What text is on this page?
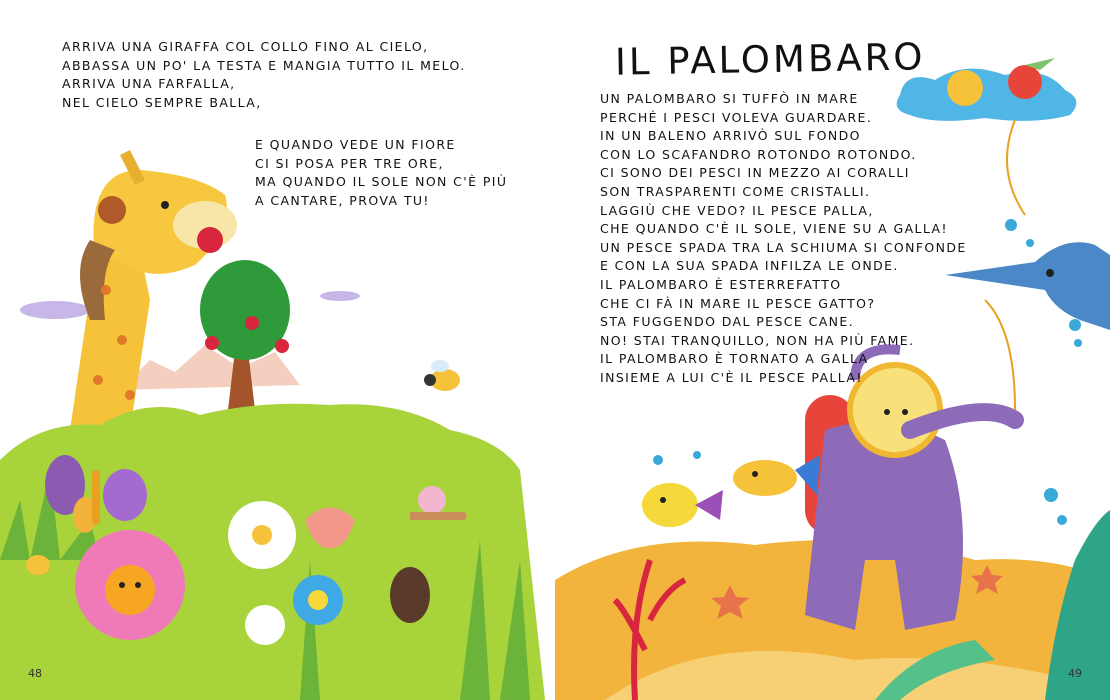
ARRIVA UNA GIRAFFA COL COLLO FINO AL CIELO,
ABBASSA UN PO' LA TESTA E MANGIA TUTTO IL MELO.
ARRIVA UNA FARFALLA,
NEL CIELO SEMPRE BALLA,
E QUANDO VEDE UN FIORE
CI SI POSA PER TRE ORE,
MA QUANDO IL SOLE NON C'È PIÙ
A CANTARE, PROVA TU!
48
IL PALOMBARO
UN PALOMBARO SI TUFFÒ IN MARE
PERCHÉ I PESCI VOLEVA GUARDARE.
IN UN BALENO ARRIVÒ SUL FONDO
CON LO SCAFANDRO ROTONDO ROTONDO.
CI SONO DEI PESCI IN MEZZO AI CORALLI
SON TRASPARENTI COME CRISTALLI.
LAGGIÙ CHE VEDO? IL PESCE PALLA,
CHE QUANDO C'È IL SOLE, VIENE SU A GALLA!
UN PESCE SPADA TRA LA SCHIUMA SI CONFONDE
E CON LA SUA SPADA INFILZA LE ONDE.
IL PALOMBARO È ESTERREFATTO
CHE CI FÀ IN MARE IL PESCE GATTO?
STA FUGGENDO DAL PESCE CANE.
NO! STAI TRANQUILLO, NON HA PIÙ FAME.
IL PALOMBARO È TORNATO A GALLA
INSIEME A LUI C'È IL PESCE PALLA!
49
